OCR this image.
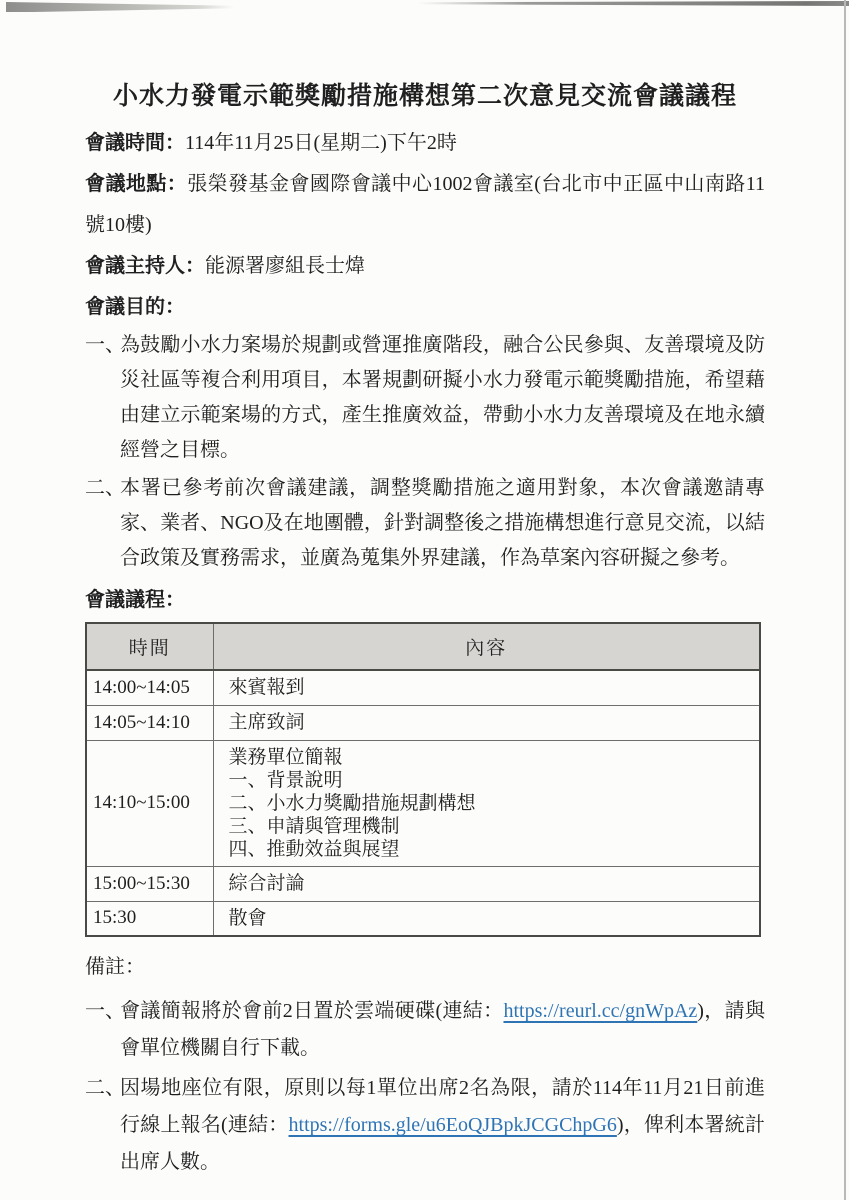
小水力發電示範獎勵措施構想第二次意見交流會議議程

會議時間：114年11月25日(星期二)下午2時

會議地點：張榮發基金會國際會議中心1002會議室(台北市中正區中山南路11號10樓)

會議主持人：能源署廖組長士煒

會議目的：
一、
為鼓勵小水力案場於規劃或營運推廣階段，融合公民參與、友善環境及防災社區等複合利用項目，本署規劃研擬小水力發電示範獎勵措施，希望藉由建立示範案場的方式，產生推廣效益，帶動小水力友善環境及在地永續經營之目標。
二、
本署已參考前次會議建議，調整獎勵措施之適用對象，本次會議邀請專家、業者、NGO及在地團體，針對調整後之措施構想進行意見交流，以結合政策及實務需求，並廣為蒐集外界建議，作為草案內容研擬之參考。
會議議程：
時間	內容
14:00~14:05	來賓報到

14:05~14:10	主席致詞

14:10~15:00	業務單位簡報
一、背景說明
二、小水力獎勵措施規劃構想
三、申請與管理機制
四、推動效益與展望

15:00~15:30	綜合討論

15:30	散會
備註：
一、
會議簡報將於會前2日置於雲端硬碟(連結：https://reurl.cc/gnWpAz)，請與會單位機關自行下載。
二、
因場地座位有限，原則以每1單位出席2名為限，請於114年11月21日前進行線上報名(連結：https://forms.gle/u6EoQJBpkJCGChpG6)，俾利本署統計出席人數。
